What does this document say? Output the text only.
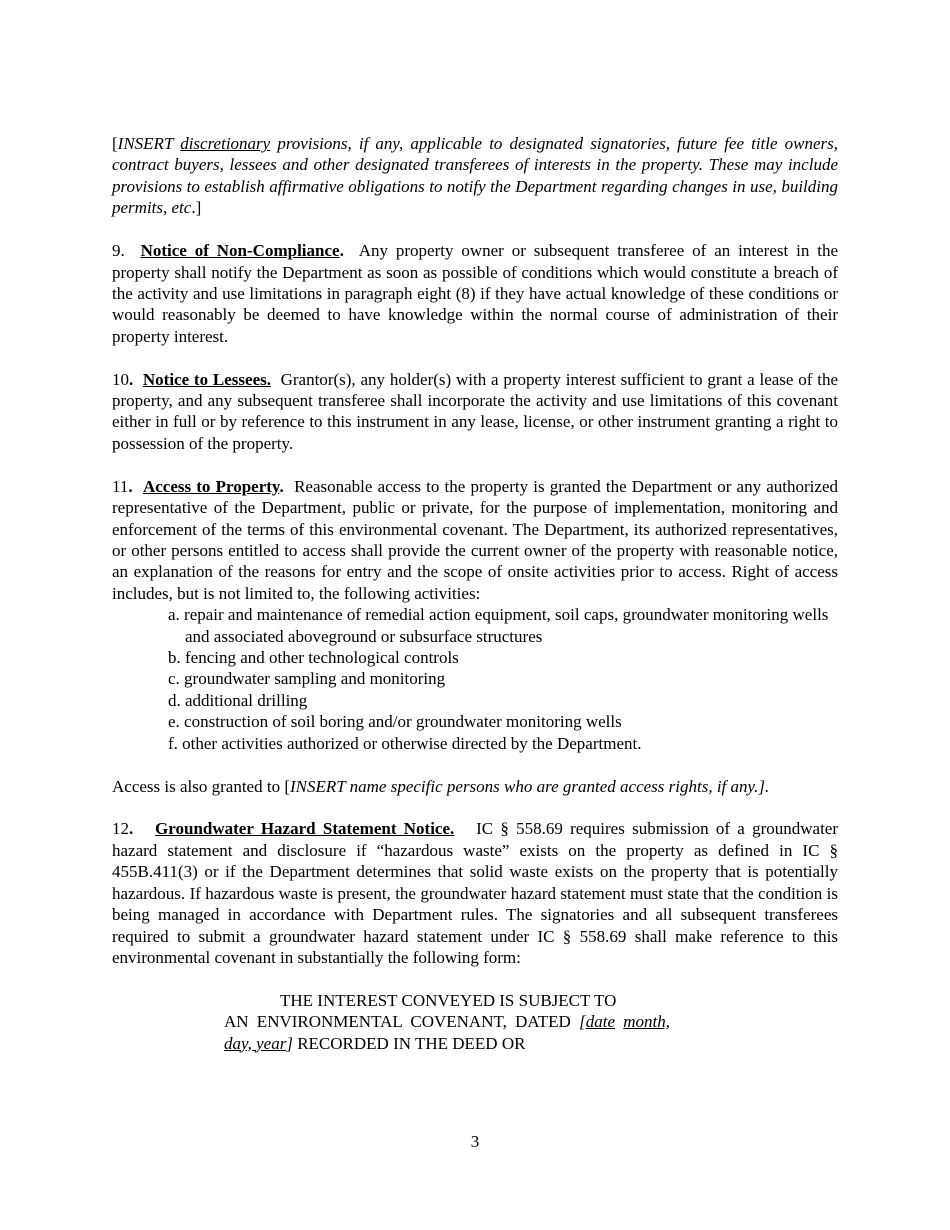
[INSERT discretionary provisions, if any, applicable to designated signatories, future fee title owners, contract buyers, lessees and other designated transferees of interests in the property. These may include provisions to establish affirmative obligations to notify the Department regarding changes in use, building permits, etc.]

9. Notice of Non-Compliance. Any property owner or subsequent transferee of an interest in the property shall notify the Department as soon as possible of conditions which would constitute a breach of the activity and use limitations in paragraph eight (8) if they have actual knowledge of these conditions or would reasonably be deemed to have knowledge within the normal course of administration of their property interest.

10. Notice to Lessees. Grantor(s), any holder(s) with a property interest sufficient to grant a lease of the property, and any subsequent transferee shall incorporate the activity and use limitations of this covenant either in full or by reference to this instrument in any lease, license, or other instrument granting a right to possession of the property.

11. Access to Property. Reasonable access to the property is granted the Department or any authorized representative of the Department, public or private, for the purpose of implementation, monitoring and enforcement of the terms of this environmental covenant. The Department, its authorized representatives, or other persons entitled to access shall provide the current owner of the property with reasonable notice, an explanation of the reasons for entry and the scope of onsite activities prior to access. Right of access includes, but is not limited to, the following activities:

a. repair and maintenance of remedial action equipment, soil caps, groundwater monitoring wells and associated aboveground or subsurface structures
b. fencing and other technological controls
c. groundwater sampling and monitoring
d. additional drilling
e. construction of soil boring and/or groundwater monitoring wells
f. other activities authorized or otherwise directed by the Department.

Access is also granted to [INSERT name specific persons who are granted access rights, if any.].

12. Groundwater Hazard Statement Notice. IC § 558.69 requires submission of a groundwater hazard statement and disclosure if “hazardous waste” exists on the property as defined in IC § 455B.411(3) or if the Department determines that solid waste exists on the property that is potentially hazardous. If hazardous waste is present, the groundwater hazard statement must state that the condition is being managed in accordance with Department rules. The signatories and all subsequent transferees required to submit a groundwater hazard statement under IC § 558.69 shall make reference to this environmental covenant in substantially the following form:

THE INTEREST CONVEYED IS SUBJECT TO
AN ENVIRONMENTAL COVENANT, DATED [date month, day, year] RECORDED IN THE DEED OR

3
